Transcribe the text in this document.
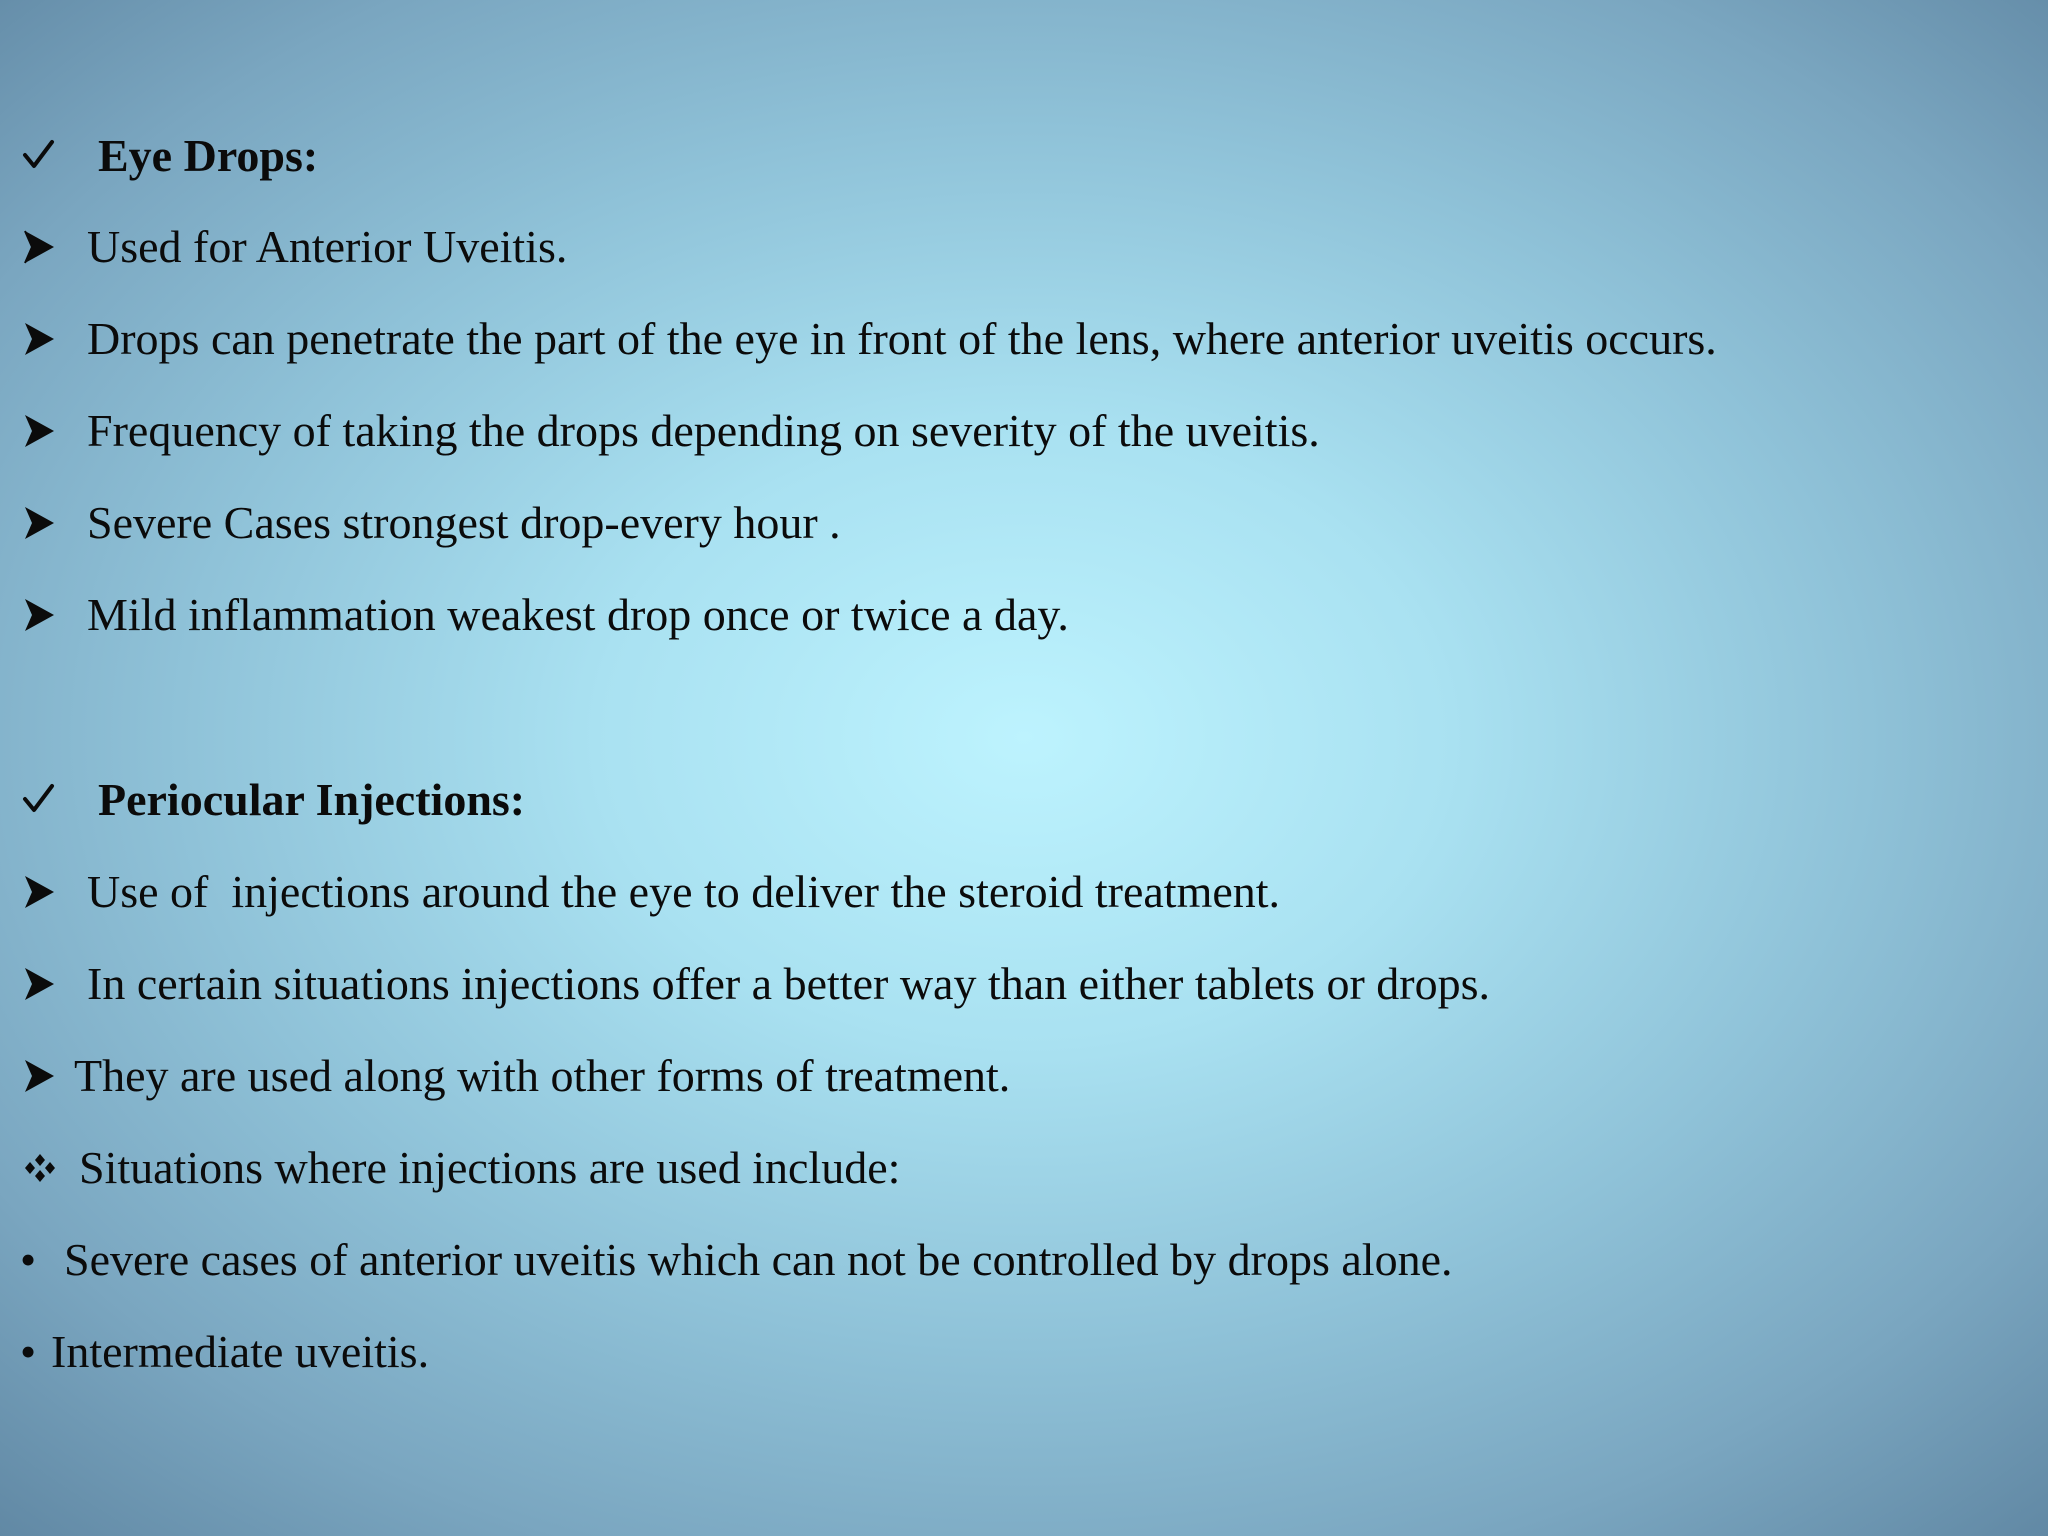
Eye Drops:
Used for Anterior Uveitis.
Drops can penetrate the part of the eye in front of the lens, where anterior uveitis occurs.
Frequency of taking the drops depending on severity of the uveitis.
Severe Cases strongest drop-every hour .
Mild inflammation weakest drop once or twice a day.
Periocular Injections:
Use of  injections around the eye to deliver the steroid treatment.
In certain situations injections offer a better way than either tablets or drops.
They are used along with other forms of treatment.
Situations where injections are used include:
• Severe cases of anterior uveitis which can not be controlled by drops alone.
• Intermediate uveitis.
